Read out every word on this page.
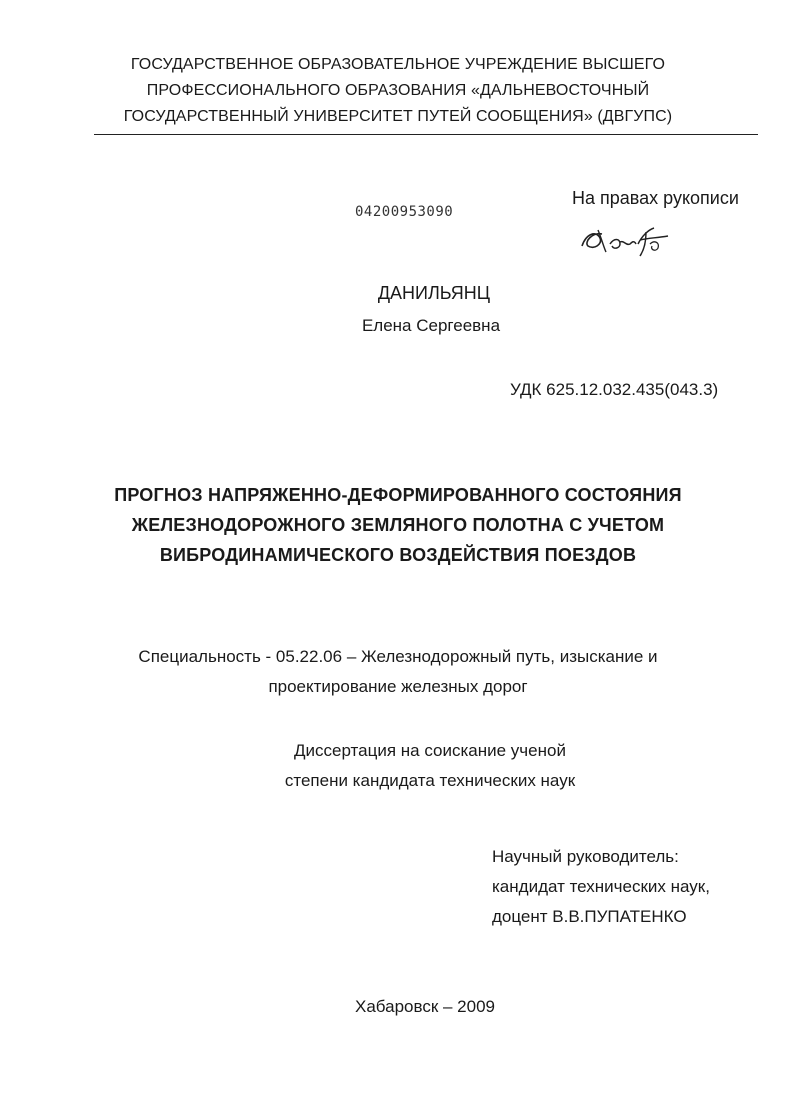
ГОСУДАРСТВЕННОЕ ОБРАЗОВАТЕЛЬНОЕ УЧРЕЖДЕНИЕ ВЫСШЕГО
ПРОФЕССИОНАЛЬНОГО ОБРАЗОВАНИЯ «ДАЛЬНЕВОСТОЧНЫЙ
ГОСУДАРСТВЕННЫЙ УНИВЕРСИТЕТ ПУТЕЙ СООБЩЕНИЯ» (ДВГУПС)
04200953090
На правах рукописи
ДАНИЛЬЯНЦ
Елена Сергеевна
УДК 625.12.032.435(043.3)
ПРОГНОЗ НАПРЯЖЕННО-ДЕФОРМИРОВАННОГО СОСТОЯНИЯ
ЖЕЛЕЗНОДОРОЖНОГО ЗЕМЛЯНОГО ПОЛОТНА С УЧЕТОМ
ВИБРОДИНАМИЧЕСКОГО ВОЗДЕЙСТВИЯ ПОЕЗДОВ
Специальность - 05.22.06 – Железнодорожный путь, изыскание и
проектирование железных дорог
Диссертация на соискание ученой
степени кандидата технических наук
Научный руководитель:
кандидат технических наук,
доцент В.В.ПУПАТЕНКО
Хабаровск – 2009
